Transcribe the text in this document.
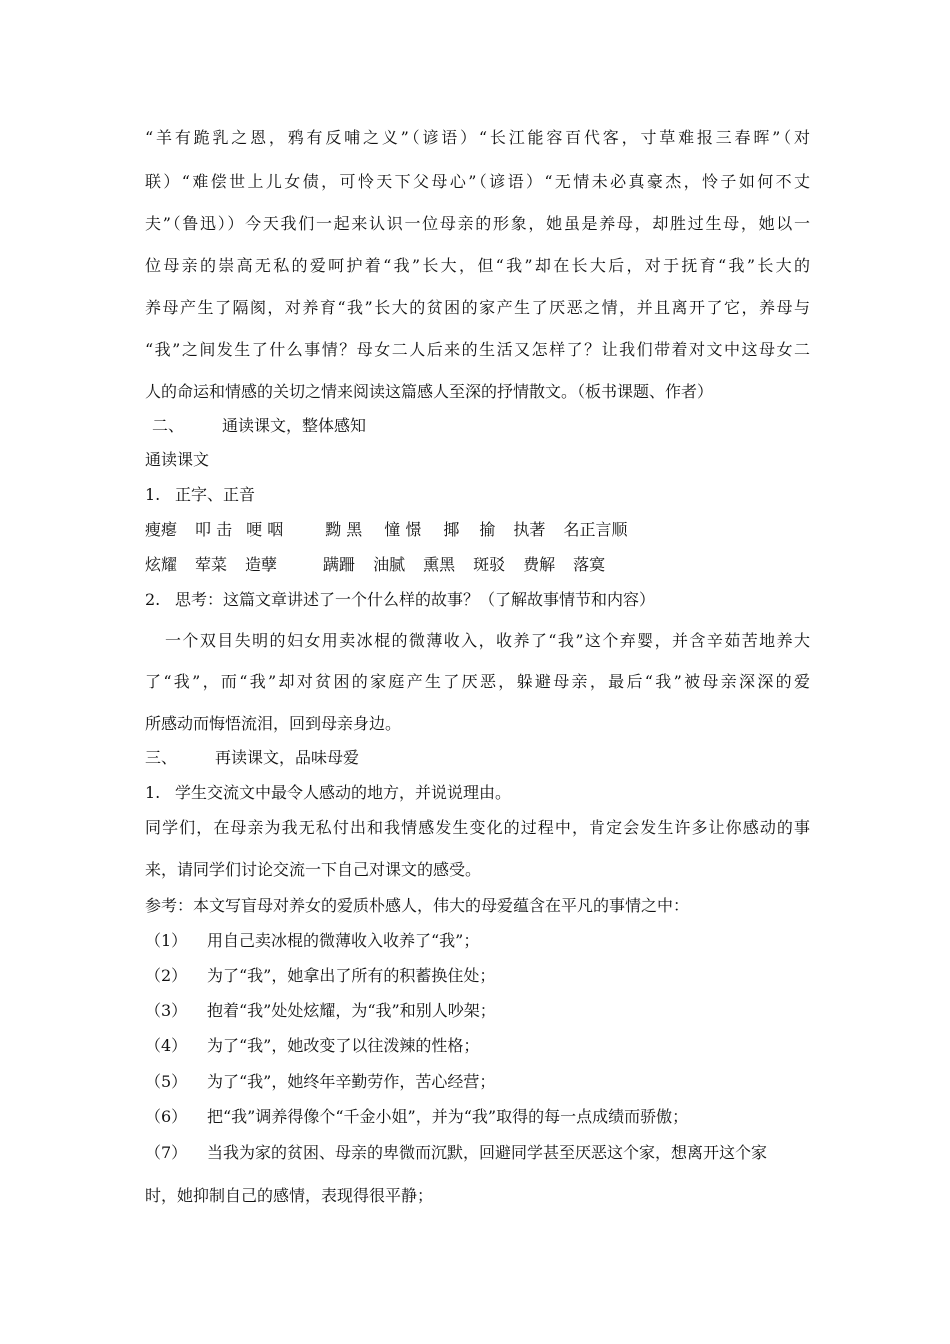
“羊有跪乳之恩，鸦有反哺之义”（谚语）“长江能容百代客，寸草难报三春晖”（对
联）“难偿世上儿女债，可怜天下父母心”（谚语）“无情未必真豪杰，怜子如何不丈
夫”（鲁迅））今天我们一起来认识一位母亲的形象，她虽是养母，却胜过生母，她以一
位母亲的崇高无私的爱呵护着“我”长大，但“我”却在长大后，对于抚育“我”长大的
养母产生了隔阂，对养育“我”长大的贫困的家产生了厌恶之情，并且离开了它，养母与
“我”之间发生了什么事情？母女二人后来的生活又怎样了？让我们带着对文中这母女二
人的命运和情感的关切之情来阅读这篇感人至深的抒情散文。（板书课题、作者）
二、 通读课文，整体感知
通读课文
1. 正字、正音
瘦瘪 叩 击 哽 咽	黝 黑 憧 憬 揶 揄 执著 名正言顺
炫耀 荤菜 造孽	蹒跚 油腻 熏黑 斑驳 费解 落寞
2. 思考：这篇文章讲述了一个什么样的故事？（了解故事情节和内容）
一个双目失明的妇女用卖冰棍的微薄收入，收养了“我”这个弃婴，并含辛茹苦地养大
了“我”，而“我”却对贫困的家庭产生了厌恶，躲避母亲，最后“我”被母亲深深的爱
所感动而悔悟流泪，回到母亲身边。
三、 再读课文，品味母爱
1. 学生交流文中最令人感动的地方，并说说理由。
同学们，在母亲为我无私付出和我情感发生变化的过程中，肯定会发生许多让你感动的事
来，请同学们讨论交流一下自己对课文的感受。
参考：本文写盲母对养女的爱质朴感人，伟大的母爱蕴含在平凡的事情之中：
（1） 用自己卖冰棍的微薄收入收养了“我”；
（2） 为了“我”，她拿出了所有的积蓄换住处；
（3） 抱着“我”处处炫耀，为“我”和别人吵架；
（4） 为了“我”，她改变了以往泼辣的性格；
（5） 为了“我”，她终年辛勤劳作，苦心经营；
（6） 把“我”调养得像个“千金小姐”，并为“我”取得的每一点成绩而骄傲；
（7） 当我为家的贫困、母亲的卑微而沉默，回避同学甚至厌恶这个家，想离开这个家
时，她抑制自己的感情，表现得很平静；
